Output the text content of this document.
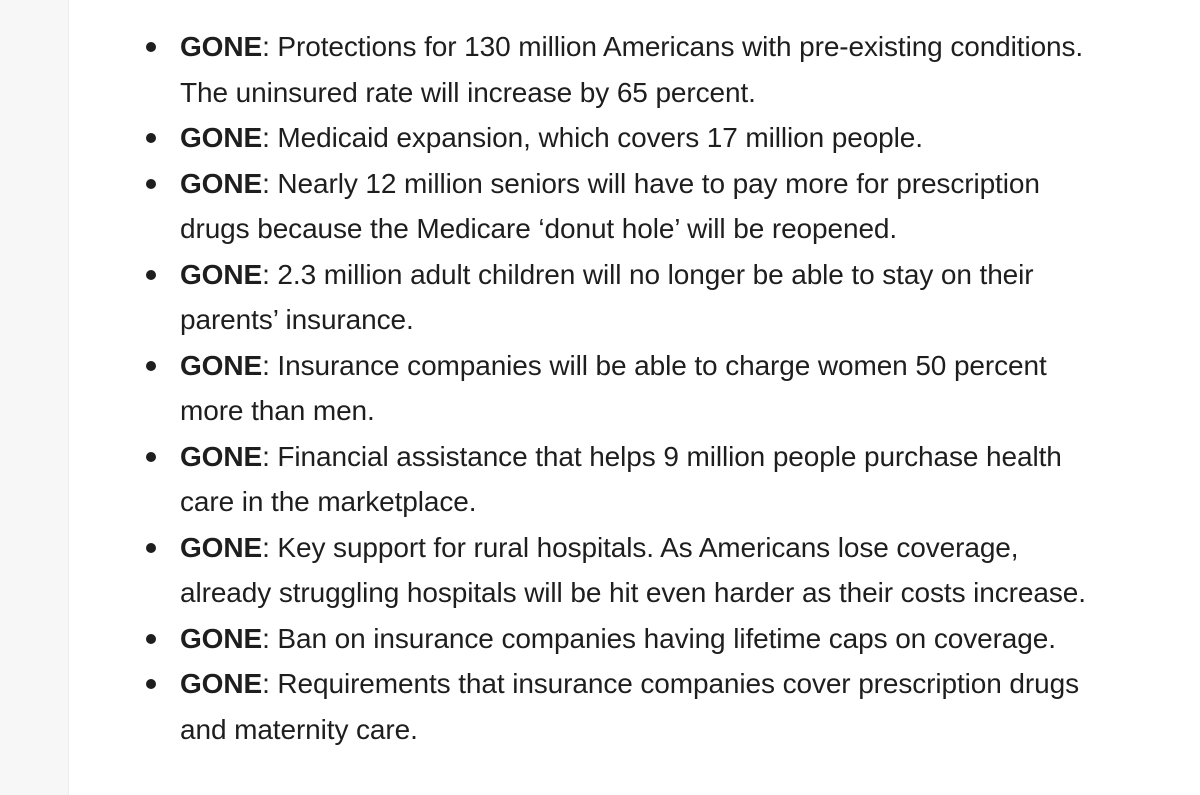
GONE: Protections for 130 million Americans with pre-existing conditions.
The uninsured rate will increase by 65 percent.
GONE: Medicaid expansion, which covers 17 million people.
GONE: Nearly 12 million seniors will have to pay more for prescription
drugs because the Medicare ‘donut hole’ will be reopened.
GONE: 2.3 million adult children will no longer be able to stay on their
parents’ insurance.
GONE: Insurance companies will be able to charge women 50 percent
more than men.
GONE: Financial assistance that helps 9 million people purchase health
care in the marketplace.
GONE: Key support for rural hospitals. As Americans lose coverage,
already struggling hospitals will be hit even harder as their costs increase.
GONE: Ban on insurance companies having lifetime caps on coverage.
GONE: Requirements that insurance companies cover prescription drugs
and maternity care.
